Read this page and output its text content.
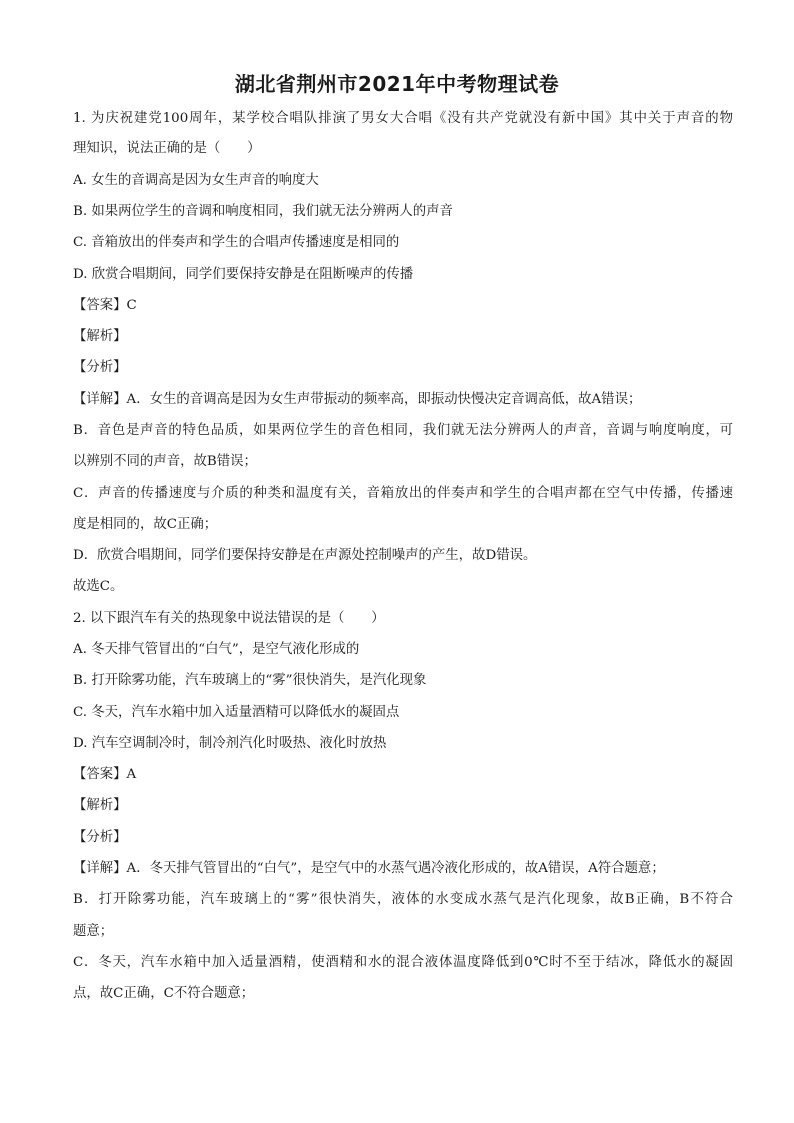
湖北省荆州市2021年中考物理试卷
1. 为庆祝建党100周年，某学校合唱队排演了男女大合唱《没有共产党就没有新中国》其中关于声音的物
理知识，说法正确的是（　　）
A. 女生的音调高是因为女生声音的响度大
B. 如果两位学生的音调和响度相同，我们就无法分辨两人的声音
C. 音箱放出的伴奏声和学生的合唱声传播速度是相同的
D. 欣赏合唱期间，同学们要保持安静是在阻断噪声的传播
【答案】C
【解析】
【分析】
【详解】A．女生的音调高是因为女生声带振动的频率高，即振动快慢决定音调高低，故A错误；
B．音色是声音的特色品质，如果两位学生的音色相同，我们就无法分辨两人的声音，音调与响度响度，可
以辨别不同的声音，故B错误；
C．声音的传播速度与介质的种类和温度有关，音箱放出的伴奏声和学生的合唱声都在空气中传播，传播速
度是相同的，故C正确；
D．欣赏合唱期间，同学们要保持安静是在声源处控制噪声的产生，故D错误。
故选C。
2. 以下跟汽车有关的热现象中说法错误的是（　　）
A. 冬天排气管冒出的“白气”，是空气液化形成的
B. 打开除雾功能，汽车玻璃上的“雾”很快消失，是汽化现象
C. 冬天，汽车水箱中加入适量酒精可以降低水的凝固点
D. 汽车空调制冷时，制冷剂汽化时吸热、液化时放热
【答案】A
【解析】
【分析】
【详解】A．冬天排气管冒出的“白气”，是空气中的水蒸气遇冷液化形成的，故A错误，A符合题意；
B．打开除雾功能，汽车玻璃上的“雾”很快消失，液体的水变成水蒸气是汽化现象，故B正确，B不符合
题意；
C．冬天，汽车水箱中加入适量酒精，使酒精和水的混合液体温度降低到0℃时不至于结冰，降低水的凝固
点，故C正确，C不符合题意；
